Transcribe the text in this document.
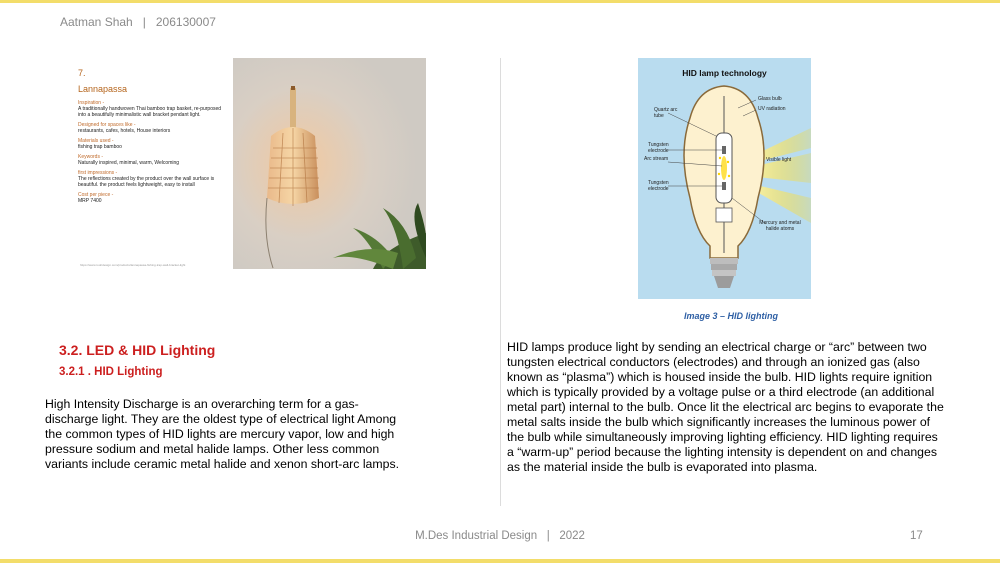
Aatman Shah | 206130007
7.
Lannapassa
Inspiration -
A traditionally handwoven Thai bamboo trap basket, re-purposed into a beautifully minimalistic wall bracket pendant light.
Designed for spaces like -
restaurants, cafes, hotels, House interiors
Materials used -
fishing trap bamboo
Keywords -
Naturally inspired, minimal, warm, Welcoming
first impressions -
The reflections created by the product over the wall surface is beautiful. the product feels lightweight, easy to install
Cost per piece -
MRP 7400
https://www.roohdesign.com/products/lannapassa-fishing-trap-wall-bracket-light
HID lamp technology
Quartz arc tube
Tungsten electrode
Arc stream
Tungsten electrode
Glass bulb
UV radiation
Visible light
Mercury and metal halide atoms
Image 3 – HID lighting
3.2. LED & HID Lighting
3.2.1 . HID Lighting
High Intensity Discharge is an overarching term for a gas-discharge light. They are the oldest type of electrical light Among the common types of HID lights are mercury vapor, low and high pressure sodium and metal halide lamps. Other less common variants include ceramic metal halide and xenon short-arc lamps.
HID lamps produce light by sending an electrical charge or “arc” between two tungsten electrical conductors (electrodes) and through an ionized gas (also known as “plasma”) which is housed inside the bulb. HID lights require ignition which is typically provided by a voltage pulse or a third electrode (an additional metal part) internal to the bulb. Once lit the electrical arc begins to evaporate the metal salts inside the bulb which significantly increases the luminous power of the bulb while simultaneously improving lighting efficiency. HID lighting requires a “warm-up” period because the lighting intensity is dependent on and changes as the material inside the bulb is evaporated into plasma.
M.Des Industrial Design | 2022	17
